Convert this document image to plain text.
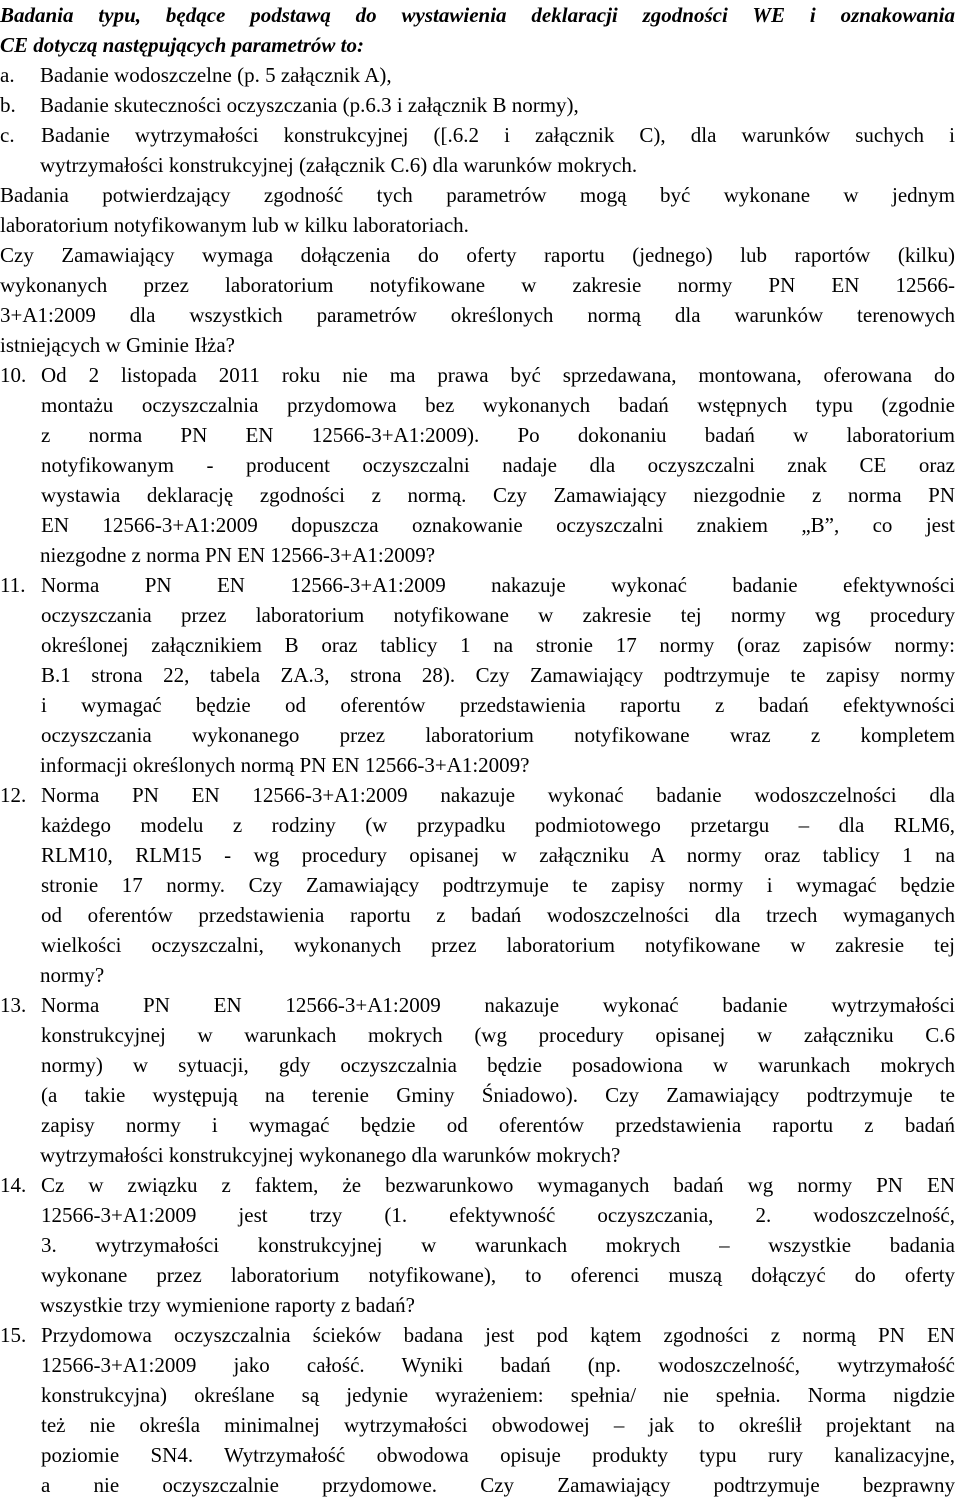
Badania typu, będące podstawą do wystawienia deklaracji zgodności WE i oznakowania
CE dotyczą następujących parametrów to:
a. Badanie wodoszczelne (p. 5 załącznik A),
b. Badanie skuteczności oczyszczania (p.6.3 i załącznik B normy),
c. Badanie wytrzymałości konstrukcyjnej ([.6.2 i załącznik C), dla warunków suchych i
wytrzymałości konstrukcyjnej (załącznik C.6) dla warunków mokrych.
Badania potwierdzający zgodność tych parametrów mogą być wykonane w jednym
laboratorium notyfikowanym lub w kilku laboratoriach.
Czy Zamawiający wymaga dołączenia do oferty raportu (jednego) lub raportów (kilku)
wykonanych przez laboratorium notyfikowane w zakresie normy PN EN 12566-
3+A1:2009 dla wszystkich parametrów określonych normą dla warunków terenowych
istniejących w Gminie Iłża?
10. Od 2 listopada 2011 roku nie ma prawa być sprzedawana, montowana, oferowana do
montażu oczyszczalnia przydomowa bez wykonanych badań wstępnych typu (zgodnie
z norma PN EN 12566-3+A1:2009). Po dokonaniu badań w laboratorium
notyfikowanym - producent oczyszczalni nadaje dla oczyszczalni znak CE oraz
wystawia deklarację zgodności z normą. Czy Zamawiający niezgodnie z norma PN
EN 12566-3+A1:2009 dopuszcza oznakowanie oczyszczalni znakiem „B”, co jest
niezgodne z norma PN EN 12566-3+A1:2009?
11. Norma PN EN 12566-3+A1:2009 nakazuje wykonać badanie efektywności
oczyszczania przez laboratorium notyfikowane w zakresie tej normy wg procedury
określonej załącznikiem B oraz tablicy 1 na stronie 17 normy (oraz zapisów normy:
B.1 strona 22, tabela ZA.3, strona 28). Czy Zamawiający podtrzymuje te zapisy normy
i wymagać będzie od oferentów przedstawienia raportu z badań efektywności
oczyszczania wykonanego przez laboratorium notyfikowane wraz z kompletem
informacji określonych normą PN EN 12566-3+A1:2009?
12. Norma PN EN 12566-3+A1:2009 nakazuje wykonać badanie wodoszczelności dla
każdego modelu z rodziny (w przypadku podmiotowego przetargu – dla RLM6,
RLM10, RLM15 - wg procedury opisanej w załączniku A normy oraz tablicy 1 na
stronie 17 normy. Czy Zamawiający podtrzymuje te zapisy normy i wymagać będzie
od oferentów przedstawienia raportu z badań wodoszczelności dla trzech wymaganych
wielkości oczyszczalni, wykonanych przez laboratorium notyfikowane w zakresie tej
normy?
13. Norma PN EN 12566-3+A1:2009 nakazuje wykonać badanie wytrzymałości
konstrukcyjnej w warunkach mokrych (wg procedury opisanej w załączniku C.6
normy) w sytuacji, gdy oczyszczalnia będzie posadowiona w warunkach mokrych
(a takie występują na terenie Gminy Śniadowo). Czy Zamawiający podtrzymuje te
zapisy normy i wymagać będzie od oferentów przedstawienia raportu z badań
wytrzymałości konstrukcyjnej wykonanego dla warunków mokrych?
14. Cz w związku z faktem, że bezwarunkowo wymaganych badań wg normy PN EN
12566-3+A1:2009 jest trzy (1. efektywność oczyszczania, 2. wodoszczelność,
3. wytrzymałości konstrukcyjnej w warunkach mokrych – wszystkie badania
wykonane przez laboratorium notyfikowane), to oferenci muszą dołączyć do oferty
wszystkie trzy wymienione raporty z badań?
15. Przydomowa oczyszczalnia ścieków badana jest pod kątem zgodności z normą PN EN
12566-3+A1:2009 jako całość. Wyniki badań (np. wodoszczelność, wytrzymałość
konstrukcyjna) określane są jedynie wyrażeniem: spełnia/ nie spełnia. Norma nigdzie
też nie określa minimalnej wytrzymałości obwodowej – jak to określił projektant na
poziomie SN4. Wytrzymałość obwodowa opisuje produkty typu rury kanalizacyjne,
a nie oczyszczalnie przydomowe. Czy Zamawiający podtrzymuje bezprawny
